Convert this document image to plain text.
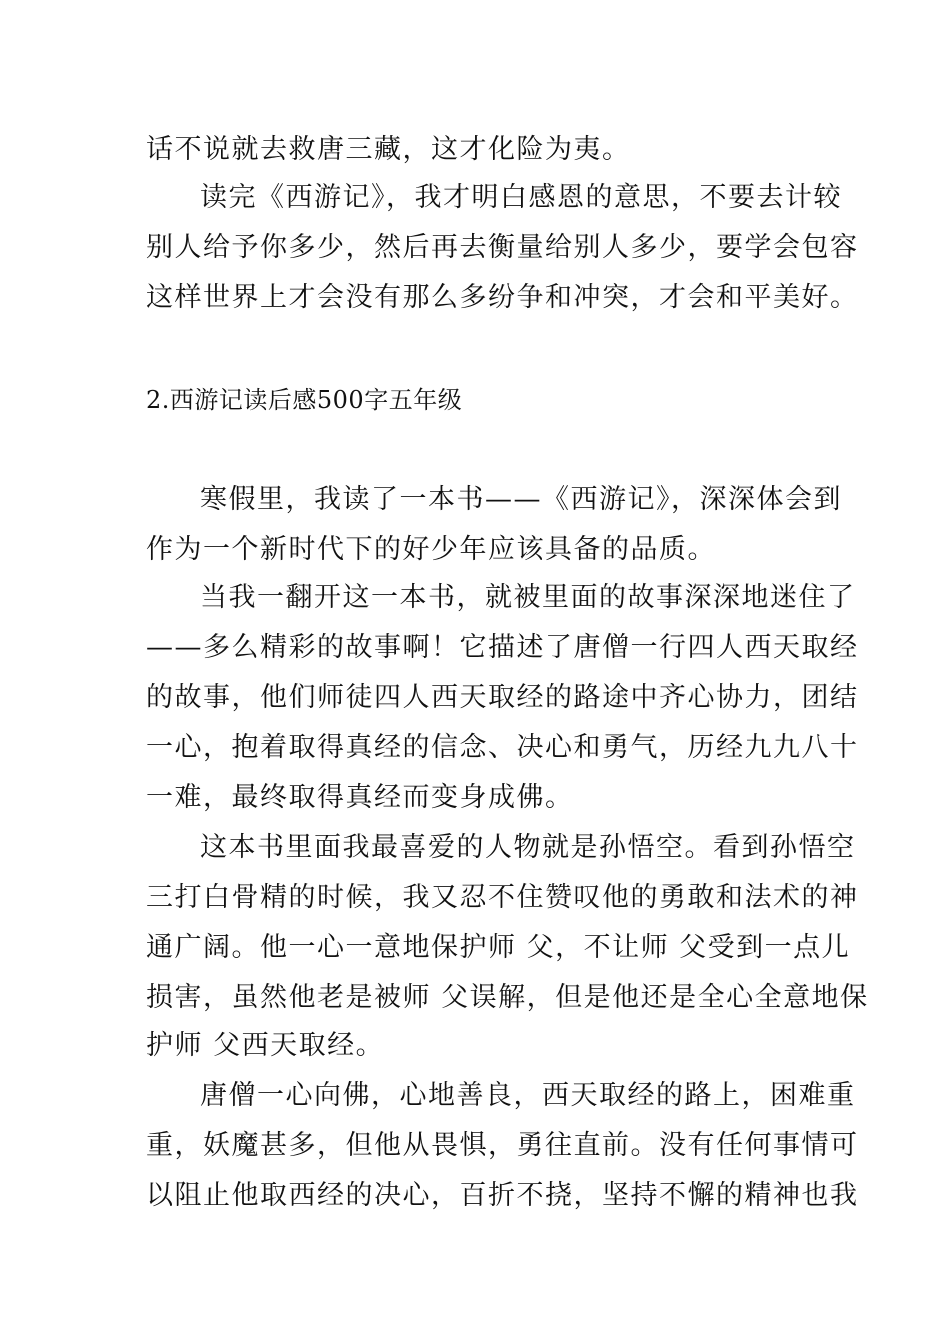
话不说就去救唐三藏，这才化险为夷。
读完《西游记》，我才明白感恩的意思，不要去计较
别人给予你多少，然后再去衡量给别人多少，要学会包容
这样世界上才会没有那么多纷争和冲突，才会和平美好。
2.西游记读后感500字五年级
寒假里，我读了一本书——《西游记》，深深体会到
作为一个新时代下的好少年应该具备的品质。
当我一翻开这一本书，就被里面的故事深深地迷住了
——多么精彩的故事啊！它描述了唐僧一行四人西天取经
的故事，他们师徒四人西天取经的路途中齐心协力，团结
一心，抱着取得真经的信念、决心和勇气，历经九九八十
一难，最终取得真经而变身成佛。
这本书里面我最喜爱的人物就是孙悟空。看到孙悟空
三打白骨精的时候，我又忍不住赞叹他的勇敢和法术的神
通广阔。他一心一意地保护师 父，不让师 父受到一点儿
损害，虽然他老是被师 父误解，但是他还是全心全意地保
护师 父西天取经。
唐僧一心向佛，心地善良，西天取经的路上，困难重
重，妖魔甚多，但他从畏惧，勇往直前。没有任何事情可
以阻止他取西经的决心，百折不挠，坚持不懈的精神也我
